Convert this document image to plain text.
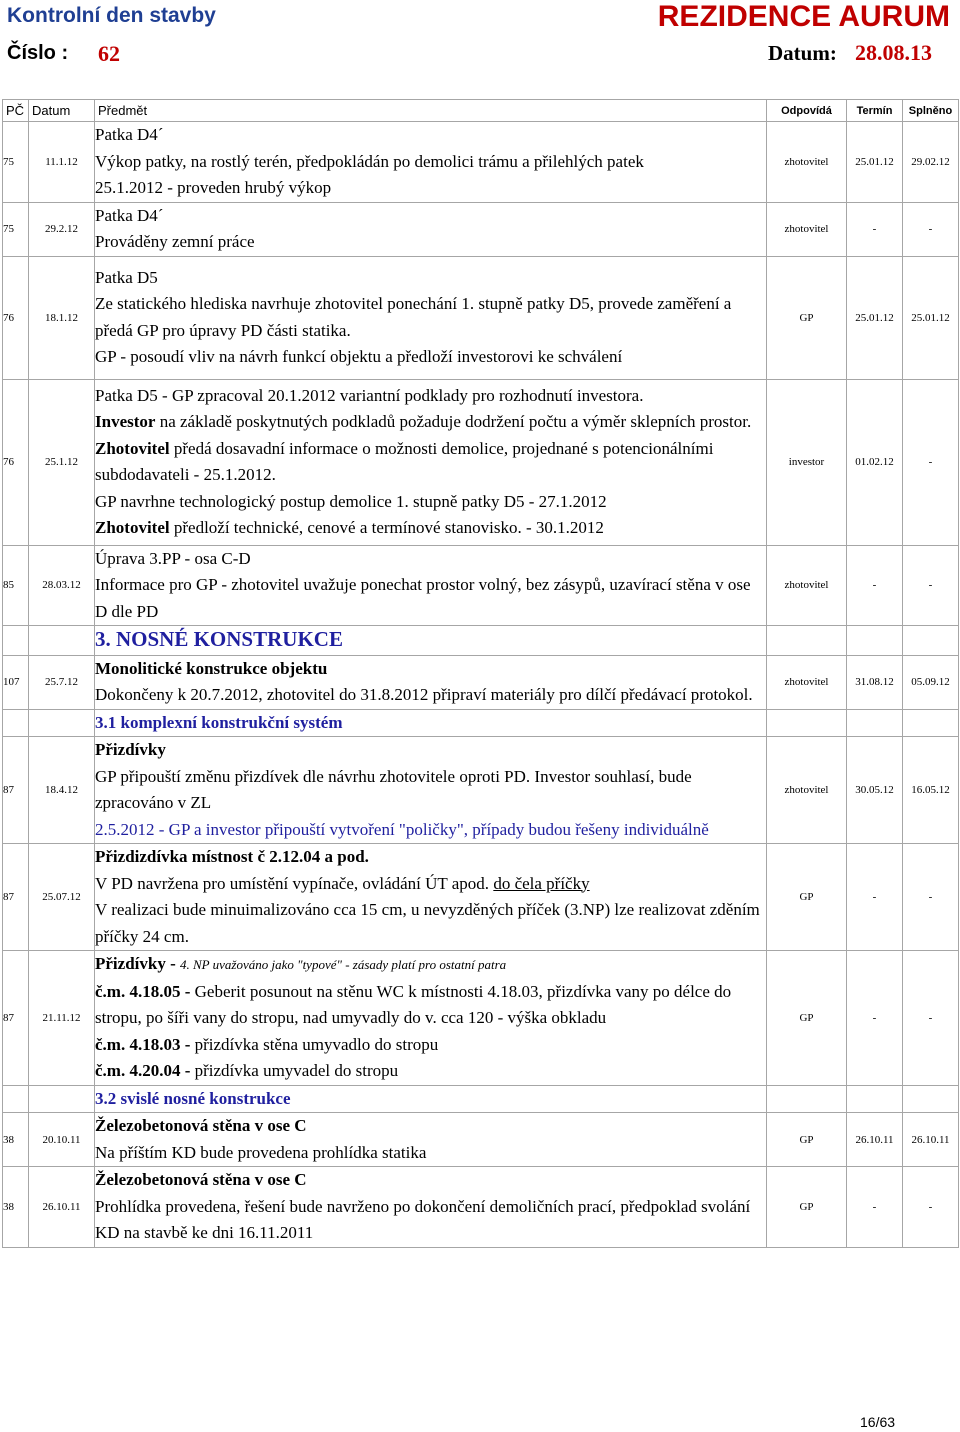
Kontrolní den stavby	REZIDENCE AURUM
Číslo : 62	Datum: 28.08.13
PČ	Datum	Předmět	Odpovídá	Termín	Splněno
75	11.1.12	Patka D4´
Výkop patky, na rostlý terén, předpokládán po demolici trámu a přilehlých patek
25.1.2012 - proveden hrubý výkop	zhotovitel	25.01.12	29.02.12
75	29.2.12	Patka D4´
Prováděny zemní práce	zhotovitel	-	-
76	18.1.12	Patka D5
Ze statického hlediska navrhuje zhotovitel ponechání 1. stupně patky D5, provede zaměření a předá GP pro úpravy PD části statika.
GP - posoudí vliv na návrh funkcí objektu a předloží investorovi ke schválení	GP	25.01.12	25.01.12
76	25.1.12	Patka D5 - GP zpracoval 20.1.2012 variantní podklady pro rozhodnutí investora.
Investor na základě poskytnutých podkladů požaduje dodržení počtu a výměr sklepních prostor.
Zhotovitel předá dosavadní informace o možnosti demolice, projednané s potencionálními subdodavateli - 25.1.2012.
GP navrhne technologický postup demolice 1. stupně patky D5 - 27.1.2012
Zhotovitel předloží technické, cenové a termínové stanovisko. - 30.1.2012	investor	01.02.12	-
85	28.03.12	Úprava 3.PP - osa C-D
Informace pro GP - zhotovitel uvažuje ponechat prostor volný, bez zásypů, uzavírací stěna v ose D dle PD	zhotovitel	-	-
		3. NOSNÉ KONSTRUKCE			
107	25.7.12	Monolitické konstrukce objektu
Dokončeny k 20.7.2012, zhotovitel do 31.8.2012 připraví materiály pro dílčí předávací protokol.	zhotovitel	31.08.12	05.09.12
		3.1 komplexní konstrukční systém			
87	18.4.12	Přizdívky
GP připouští změnu přizdívek dle návrhu zhotovitele oproti PD. Investor souhlasí, bude zpracováno v ZL
2.5.2012 - GP a investor připouští vytvoření "poličky", případy budou řešeny individuálně	zhotovitel	30.05.12	16.05.12
87	25.07.12	Přizdizdívka místnost č 2.12.04 a pod.
V PD navržena pro umístění vypínače, ovládání ÚT apod. do čela příčky
V realizaci bude minuimalizováno cca 15 cm, u nevyzděných příček (3.NP) lze realizovat zděním příčky 24 cm.	GP	-	-
87	21.11.12	Přizdívky - 4. NP uvažováno jako "typové" - zásady platí pro ostatní patra
č.m. 4.18.05 - Geberit posunout na stěnu WC k místnosti 4.18.03, přizdívka vany po délce do stropu, po šíři vany do stropu, nad umyvadly do v. cca 120 - výška obkladu
č.m. 4.18.03 - přizdívka stěna umyvadlo do stropu
č.m. 4.20.04 - přizdívka umyvadel do stropu	GP	-	-
		3.2 svislé nosné konstrukce			
38	20.10.11	Železobetonová stěna v ose C
Na příštím KD bude provedena prohlídka statika	GP	26.10.11	26.10.11
38	26.10.11	Železobetonová stěna v ose C
Prohlídka provedena, řešení bude navrženo po dokončení demoličních prací, předpoklad svolání KD na stavbě ke dni 16.11.2011	GP	-	-
16/63
